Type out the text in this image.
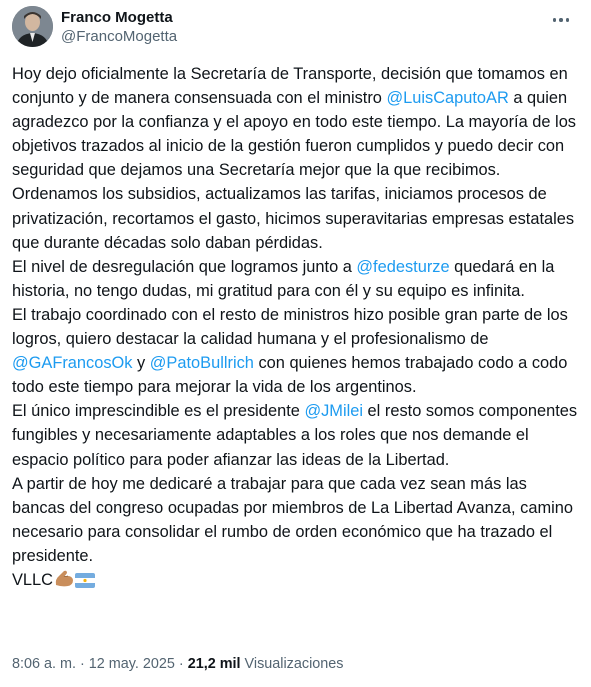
Franco Mogetta
@FrancoMogetta

Hoy dejo oficialmente la Secretaría de Transporte, decisión que tomamos en conjunto y de manera consensuada con el ministro @LuisCaputoAR a quien agradezco por la confianza y el apoyo en todo este tiempo. La mayoría de los objetivos trazados al inicio de la gestión fueron cumplidos y puedo decir con seguridad que dejamos una Secretaría mejor que la que recibimos. Ordenamos los subsidios, actualizamos las tarifas, iniciamos procesos de privatización, recortamos el gasto, hicimos superavitarias empresas estatales que durante décadas solo daban pérdidas.

El nivel de desregulación que logramos junto a @fedesturze quedará en la historia, no tengo dudas, mi gratitud para con él y su equipo es infinita.

El trabajo coordinado con el resto de ministros hizo posible gran parte de los logros, quiero destacar la calidad humana y el profesionalismo de @GAFrancosOk y @PatoBullrich con quienes hemos trabajado codo a codo todo este tiempo para mejorar la vida de los argentinos.

El único imprescindible es el presidente @JMilei el resto somos componentes fungibles y necesariamente adaptables a los roles que nos demande el espacio político para poder afianzar las ideas de la Libertad.

A partir de hoy me dedicaré a trabajar para que cada vez sean más las bancas del congreso ocupadas por miembros de La Libertad Avanza, camino necesario para consolidar el rumbo de orden económico que ha trazado el presidente.

VLLC

8:06 a. m. · 12 may. 2025 · 21,2 mil Visualizaciones
